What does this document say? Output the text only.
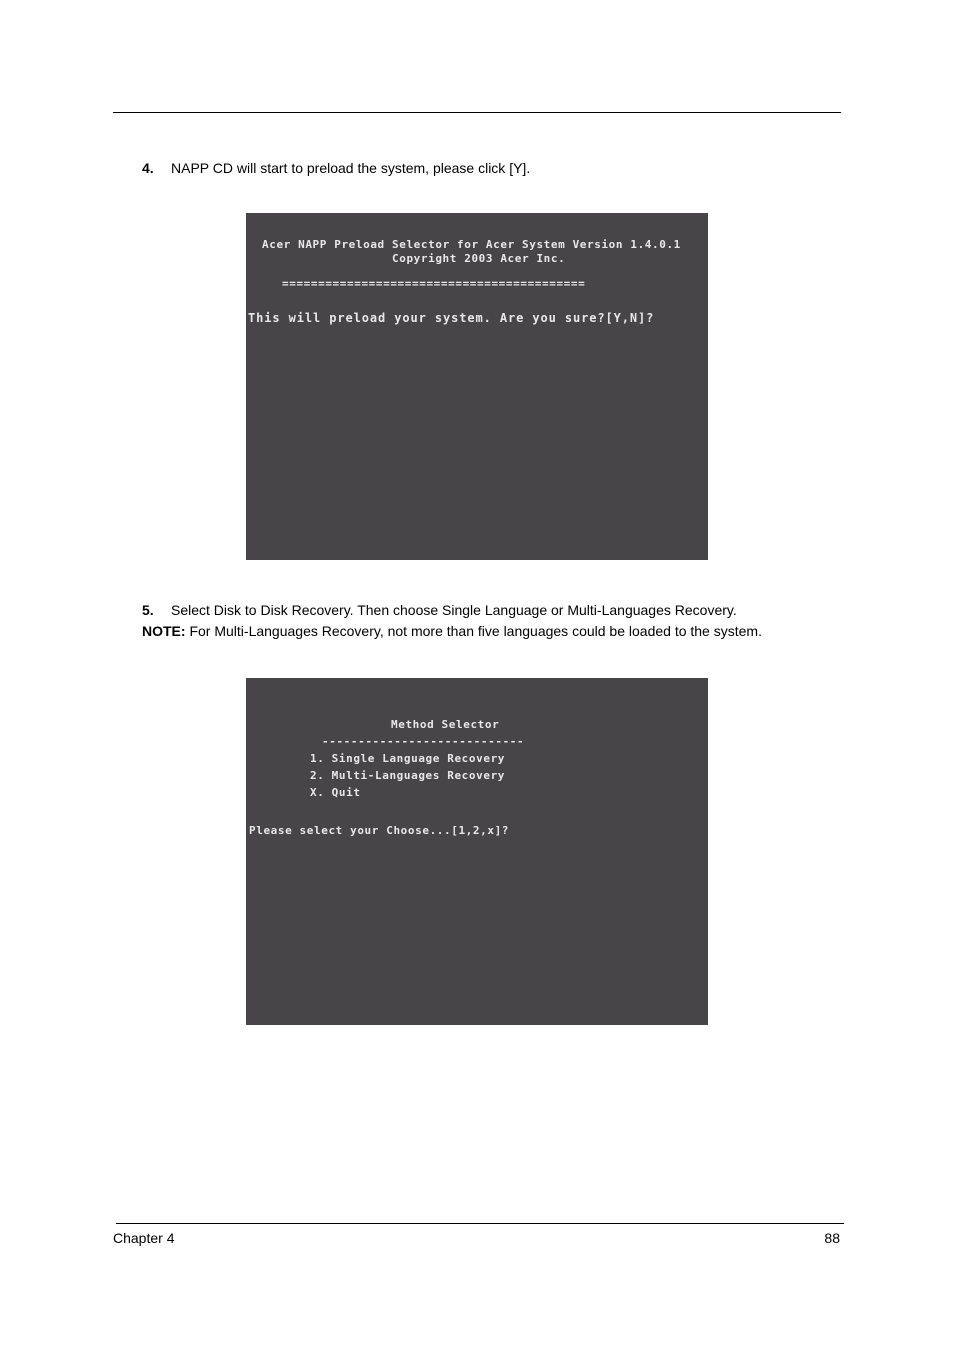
4. NAPP CD will start to preload the system, please click [Y].
Acer NAPP Preload Selector for Acer System Version 1.4.0.1
Copyright 2003 Acer Inc.
==========================================
This will preload your system. Are you sure?[Y,N]?
5. Select Disk to Disk Recovery. Then choose Single Language or Multi-Languages Recovery.
NOTE: For Multi-Languages Recovery, not more than five languages could be loaded to the system.
Method Selector
----------------------------
1. Single Language Recovery
2. Multi-Languages Recovery
X. Quit
Please select your Choose...[1,2,x]?
Chapter 4	88
